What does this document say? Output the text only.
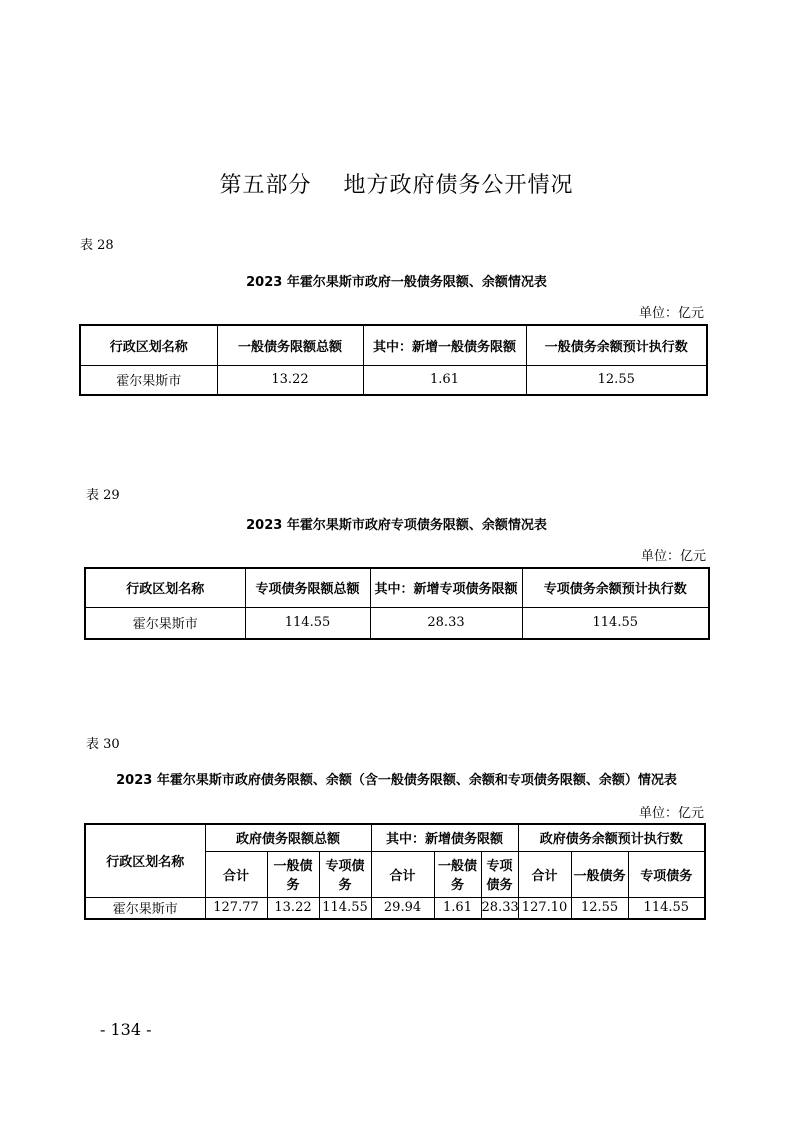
第五部分    地方政府债务公开情况
表 28
2023 年霍尔果斯市政府一般债务限额、余额情况表
单位：亿元
行政区划名称	一般债务限额总额	其中：新增一般债务限额	一般债务余额预计执行数
霍尔果斯市	13.22	1.61	12.55
表 29
2023 年霍尔果斯市政府专项债务限额、余额情况表
单位：亿元
行政区划名称	专项债务限额总额	其中：新增专项债务限额	专项债务余额预计执行数
霍尔果斯市	114.55	28.33	114.55
表 30
2023 年霍尔果斯市政府债务限额、余额（含一般债务限额、余额和专项债务限额、余额）情况表
单位：亿元
行政区划名称	政府债务限额总额			其中：新增债务限额			政府债务余额预计执行数		
	合计	一般债务	专项债务	合计	一般债务	专项债务	合计	一般债务	专项债务
霍尔果斯市	127.77	13.22	114.55	29.94	1.61	28.33	127.10	12.55	114.55
- 134 -
